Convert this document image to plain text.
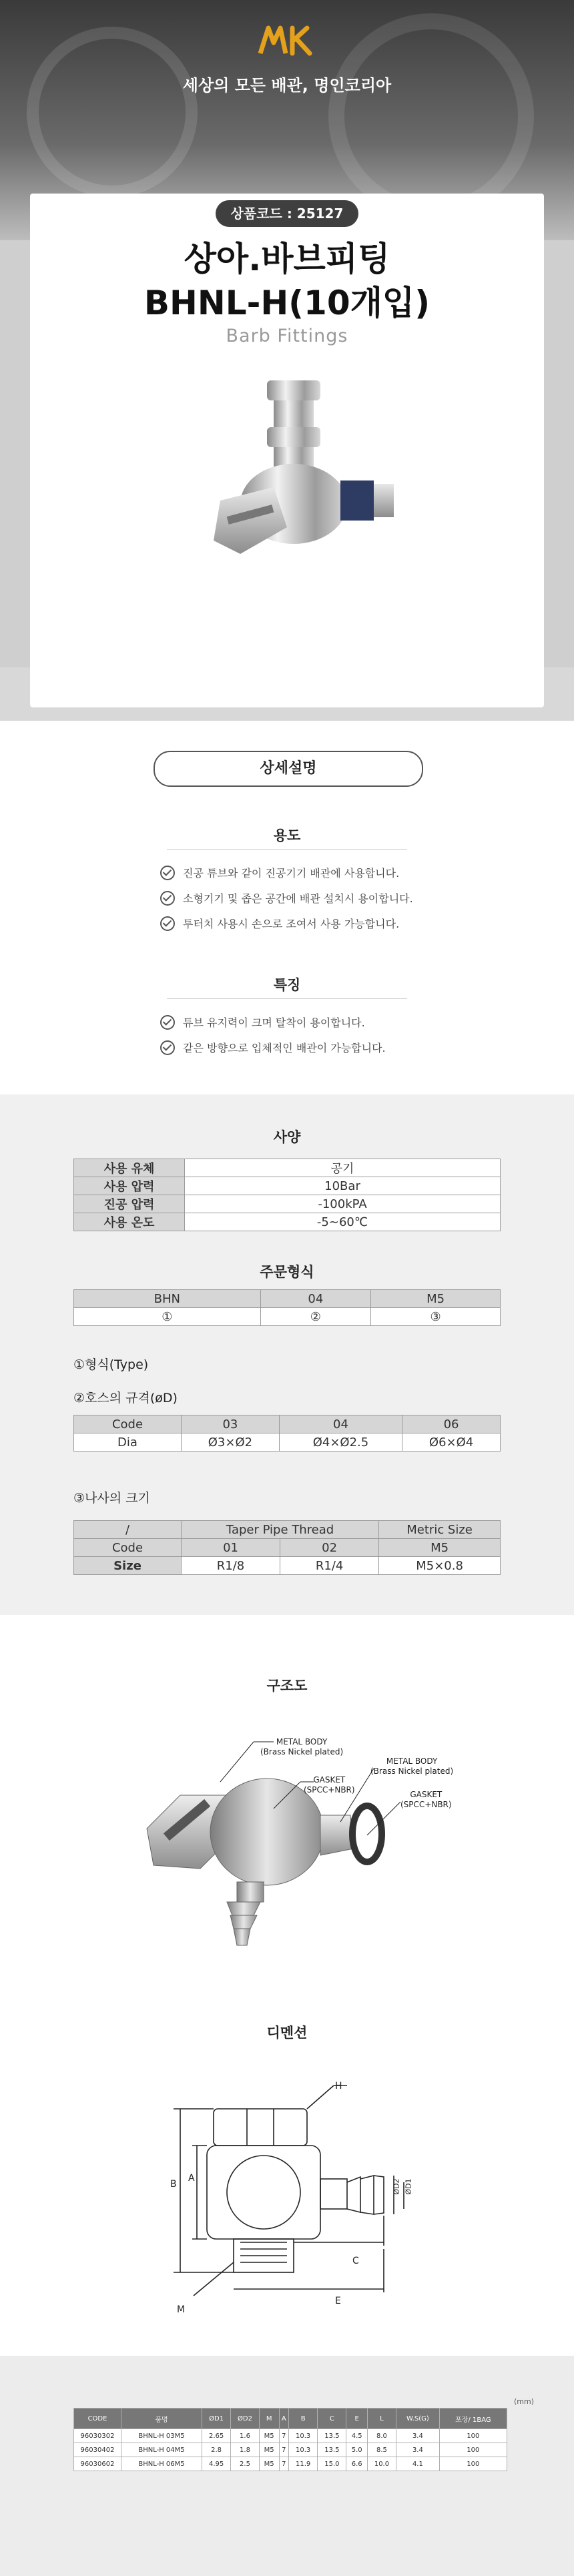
세상의 모든 배관, 명인코리아
상품코드 : 25127
상아.바브피팅
BHNL-H(10개입)
Barb Fittings
상세설명
용도
진공 튜브와 같이 진공기기 배관에 사용합니다.
소형기기 및 좁은 공간에 배관 설치시 용이합니다.
투터치 사용시 손으로 조여서 사용 가능합니다.
특징
튜브 유지력이 크며 탈착이 용이합니다.
같은 방향으로 입체적인 배관이 가능합니다.
사양
사용 유체	공기
사용 압력	10Bar
진공 압력	-100kPA
사용 온도	-5~60℃
주문형식
BHN	04	M5
①	②	③
①형식(Type)
②호스의 규격(øD)
Code	03	04	06
Dia	Ø3×Ø2	Ø4×Ø2.5	Ø6×Ø4
③나사의 크기
/	Taper Pipe Thread		Metric Size
Code	01	02	M5
Size	R1/8	R1/4	M5×0.8
구조도
METAL BODY
(Brass Nickel plated)
GASKET
(SPCC+NBR)
METAL BODY
(Brass Nickel plated)
GASKET
(SPCC+NBR)
디멘션
H
A
B
C
E
M
ØD1
ØD2
(mm)
CODE	품명	ØD1	ØD2	M	A	B	C	E	L	W.S(G)	포장/ 1BAG
96030302	BHNL-H 03M5	2.65	1.6	M5	7	10.3	13.5	4.5	8.0	3.4	100
96030402	BHNL-H 04M5	2.8	1.8	M5	7	10.3	13.5	5.0	8.5	3.4	100
96030602	BHNL-H 06M5	4.95	2.5	M5	7	11.9	15.0	6.6	10.0	4.1	100
